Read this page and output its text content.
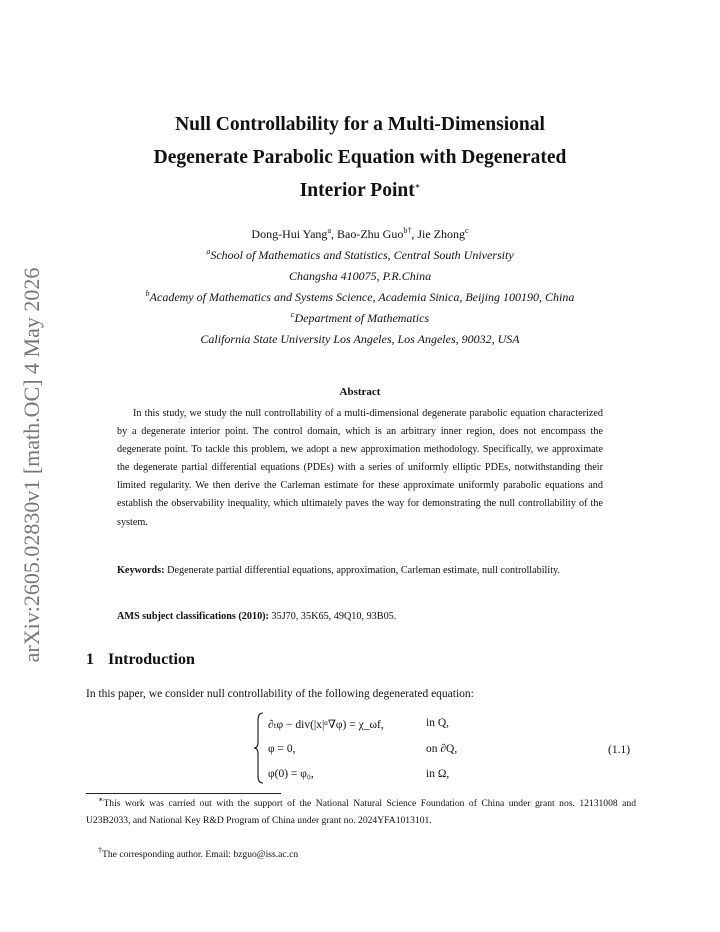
arXiv:2605.02830v1 [math.OC] 4 May 2026
Null Controllability for a Multi-Dimensional
Degenerate Parabolic Equation with Degenerated
Interior Point∗
Dong-Hui Yang$^a$, Bao-Zhu Guo$^{b\dagger}$, Jie Zhong$^c$
$^a$School of Mathematics and Statistics, Central South University
Changsha 410075, P.R.China
$^b$Academy of Mathematics and Systems Science, Academia Sinica, Beijing 100190, China
$^c$Department of Mathematics
California State University Los Angeles, Los Angeles, 90032, USA
Abstract
In this study, we study the null controllability of a multi-dimensional degenerate parabolic equation characterized by a degenerate interior point. The control domain, which is an arbitrary inner region, does not encompass the degenerate point. To tackle this problem, we adopt a new approximation methodology. Specifically, we approximate the degenerate partial differential equations (PDEs) with a series of uniformly elliptic PDEs, notwithstanding their limited regularity. We then derive the Carleman estimate for these approximate uniformly parabolic equations and establish the observability inequality, which ultimately paves the way for demonstrating the null controllability of the system.
Keywords: Degenerate partial differential equations, approximation, Carleman estimate, null controllability.
AMS subject classifications (2010): 35J70, 35K65, 49Q10, 93B05.
1 Introduction
In this paper, we consider null controllability of the following degenerated equation:
∂ₜφ − div(|x|ᵅ∇φ) = χ_ωf,	in Q,
φ = 0,	on ∂Q,
φ(0) = φ₀,	in Ω,
(1.1)
∗This work was carried out with the support of the National Natural Science Foundation of China under grant nos. 12131008 and U23B2033, and National Key R&D Program of China under grant no. 2024YFA1013101.
†The corresponding author. Email: bzguo@iss.ac.cn
